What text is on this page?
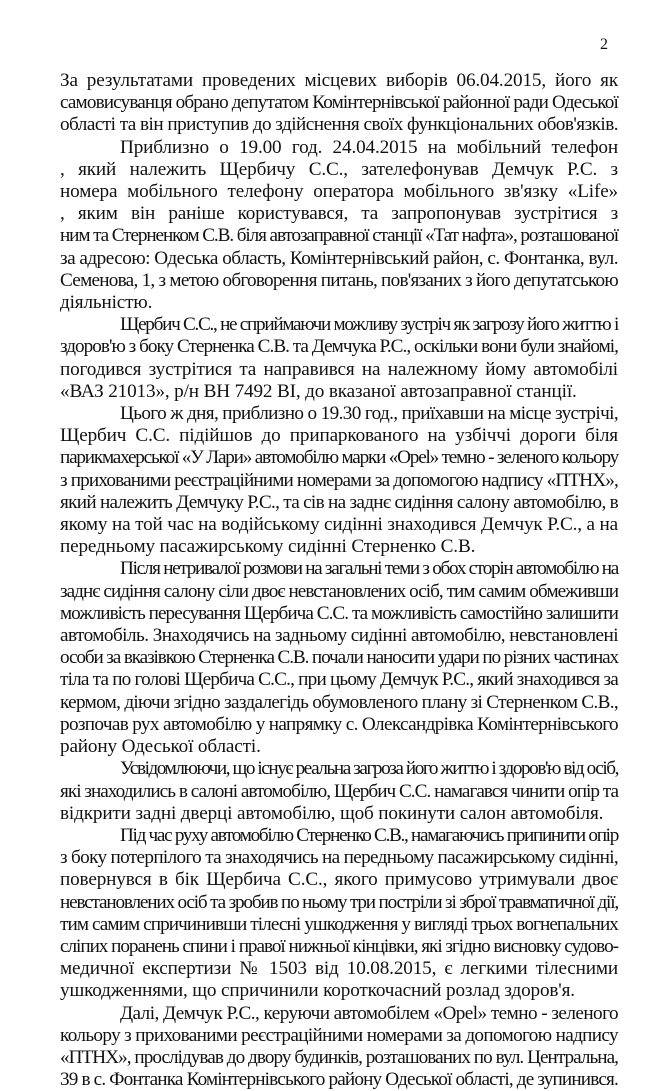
2
За результатами проведених місцевих виборів 06.04.2015, його як
самовисуванця обрано депутатом Комінтернівської районної ради Одеської
області та він приступив до здійснення своїх функціональних обов'язків.
Приблизно о 19.00 год. 24.04.2015 на мобільний телефон
, який належить Щербичу С.С., зателефонував Демчук Р.С. з
номера мобільного телефону оператора мобільного зв'язку «Life»
, яким він раніше користувався, та запропонував зустрітися з
ним та Стерненком С.В. біля автозаправної станції «Тат нафта», розташованої
за адресою: Одеська область, Комінтернівський район, с. Фонтанка, вул.
Семенова, 1, з метою обговорення питань, пов'язаних з його депутатською
діяльністю.
Щербич С.С., не сприймаючи можливу зустріч як загрозу його життю і
здоров'ю з боку Стерненка С.В. та Демчука Р.С., оскільки вони були знайомі,
погодився зустрітися та направився на належному йому автомобілі
«ВАЗ 21013», р/н ВН 7492 ВІ, до вказаної автозаправної станції.
Цього ж дня, приблизно о 19.30 год., приїхавши на місце зустрічі,
Щербич С.С. підійшов до припаркованого на узбіччі дороги біля
парикмахерської «У Лари» автомобілю марки «Opel» темно - зеленого кольору
з прихованими реєстраційними номерами за допомогою надпису «ПТНХ»,
який належить Демчуку Р.С., та сів на заднє сидіння салону автомобілю, в
якому на той час на водійському сидінні знаходився Демчук Р.С., а на
передньому пасажирському сидінні Стерненко С.В.
Після нетривалої розмови на загальні теми з обох сторін автомобілю на
заднє сидіння салону сіли двоє невстановлених осіб, тим самим обмеживши
можливість пересування Щербича С.С. та можливість самостійно залишити
автомобіль. Знаходячись на задньому сидінні автомобілю, невстановлені
особи за вказівкою Стерненка С.В. почали наносити удари по різних частинах
тіла та по голові Щербича С.С., при цьому Демчук Р.С., який знаходився за
кермом, діючи згідно заздалегідь обумовленого плану зі Стерненком С.В.,
розпочав рух автомобілю у напрямку с. Олександрівка Комінтернівського
району Одеської області.
Усвідомлюючи, що існує реальна загроза його життю і здоров'ю від осіб,
які знаходились в салоні автомобілю, Щербич С.С. намагався чинити опір та
відкрити задні дверці автомобілю, щоб покинути салон автомобіля.
Під час руху автомобілю Стерненко С.В., намагаючись припинити опір
з боку потерпілого та знаходячись на передньому пасажирському сидінні,
повернувся в бік Щербича С.С., якого примусово утримували двоє
невстановлених осіб та зробив по ньому три постріли зі зброї травматичної дії,
тим самим спричинивши тілесні ушкодження у вигляді трьох вогнепальних
сліпих поранень спини і правої нижньої кінцівки, які згідно висновку судово-
медичної експертизи № 1503 від 10.08.2015, є легкими тілесними
ушкодженнями, що спричинили короткочасний розлад здоров'я.
Далі, Демчук Р.С., керуючи автомобілем «Opel» темно - зеленого
кольору з прихованими реєстраційними номерами за допомогою надпису
«ПТНХ», прослідував до двору будинків, розташованих по вул. Центральна,
39 в с. Фонтанка Комінтернівського району Одеської області, де зупинився.
